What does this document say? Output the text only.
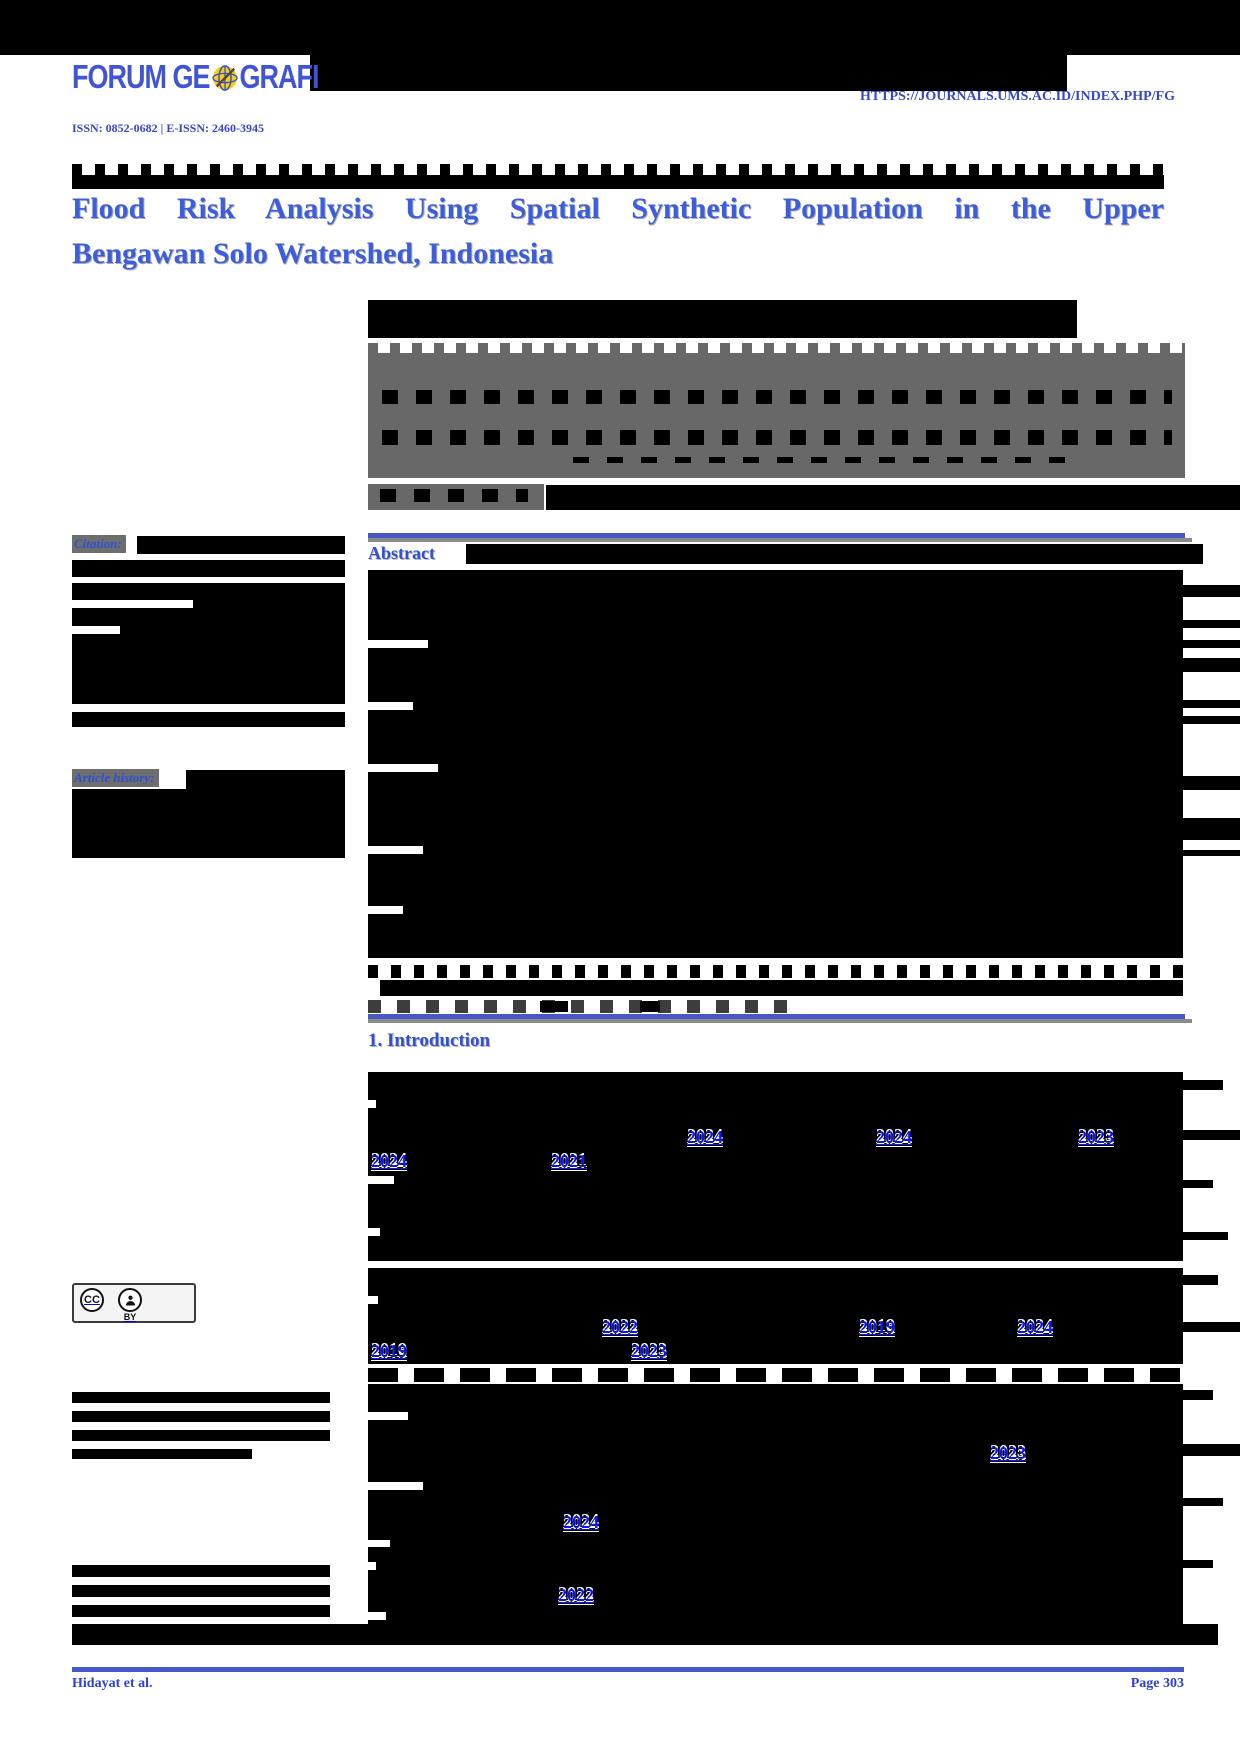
FORUM GE GRAFI
ISSN: 0852-0682 | E-ISSN: 2460-3945
HTTPS://JOURNALS.UMS.AC.ID/INDEX.PHP/FG
Flood Risk Analysis Using Spatial Synthetic Population in the Upper
Bengawan Solo Watershed, Indonesia
Citation:
Article history:
Abstract
1. Introduction
CC
BY
2024	2024	2023
2024	2021
2022	2019	2024
2019	2023
2023
2024
2022
Hidayat et al.	Page 303
